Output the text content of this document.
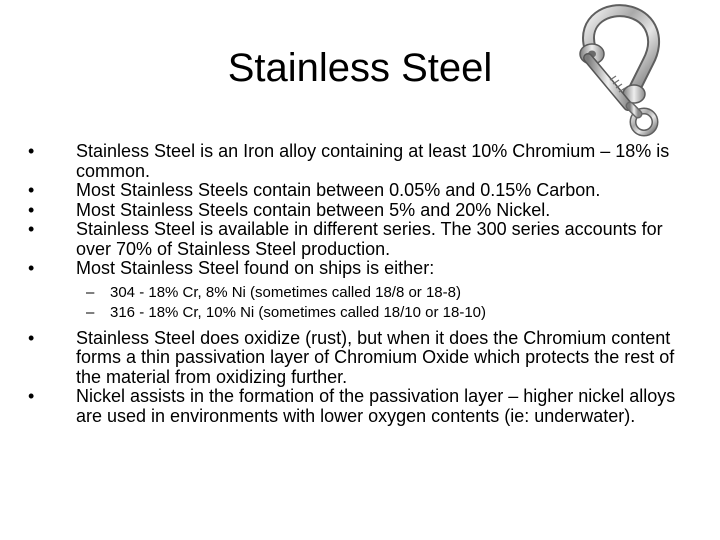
Stainless Steel
•	Stainless Steel is an Iron alloy containing at least 10% Chromium – 18% is common.
•	Most Stainless Steels contain between 0.05% and 0.15% Carbon.
•	Most Stainless Steels contain between 5% and 20% Nickel.
•	Stainless Steel is available in different series. The 300 series accounts for over 70% of Stainless Steel production.
•	Most Stainless Steel found on ships is either:
– 304 - 18% Cr, 8% Ni (sometimes called 18/8 or 18-8)
– 316 - 18% Cr, 10% Ni (sometimes called 18/10 or 18-10)
•	Stainless Steel does oxidize (rust), but when it does the Chromium content forms a thin passivation layer of Chromium Oxide which protects the rest of the material from oxidizing further.
•	Nickel assists in the formation of the passivation layer – higher nickel alloys are used in environments with lower oxygen contents (ie: underwater).
